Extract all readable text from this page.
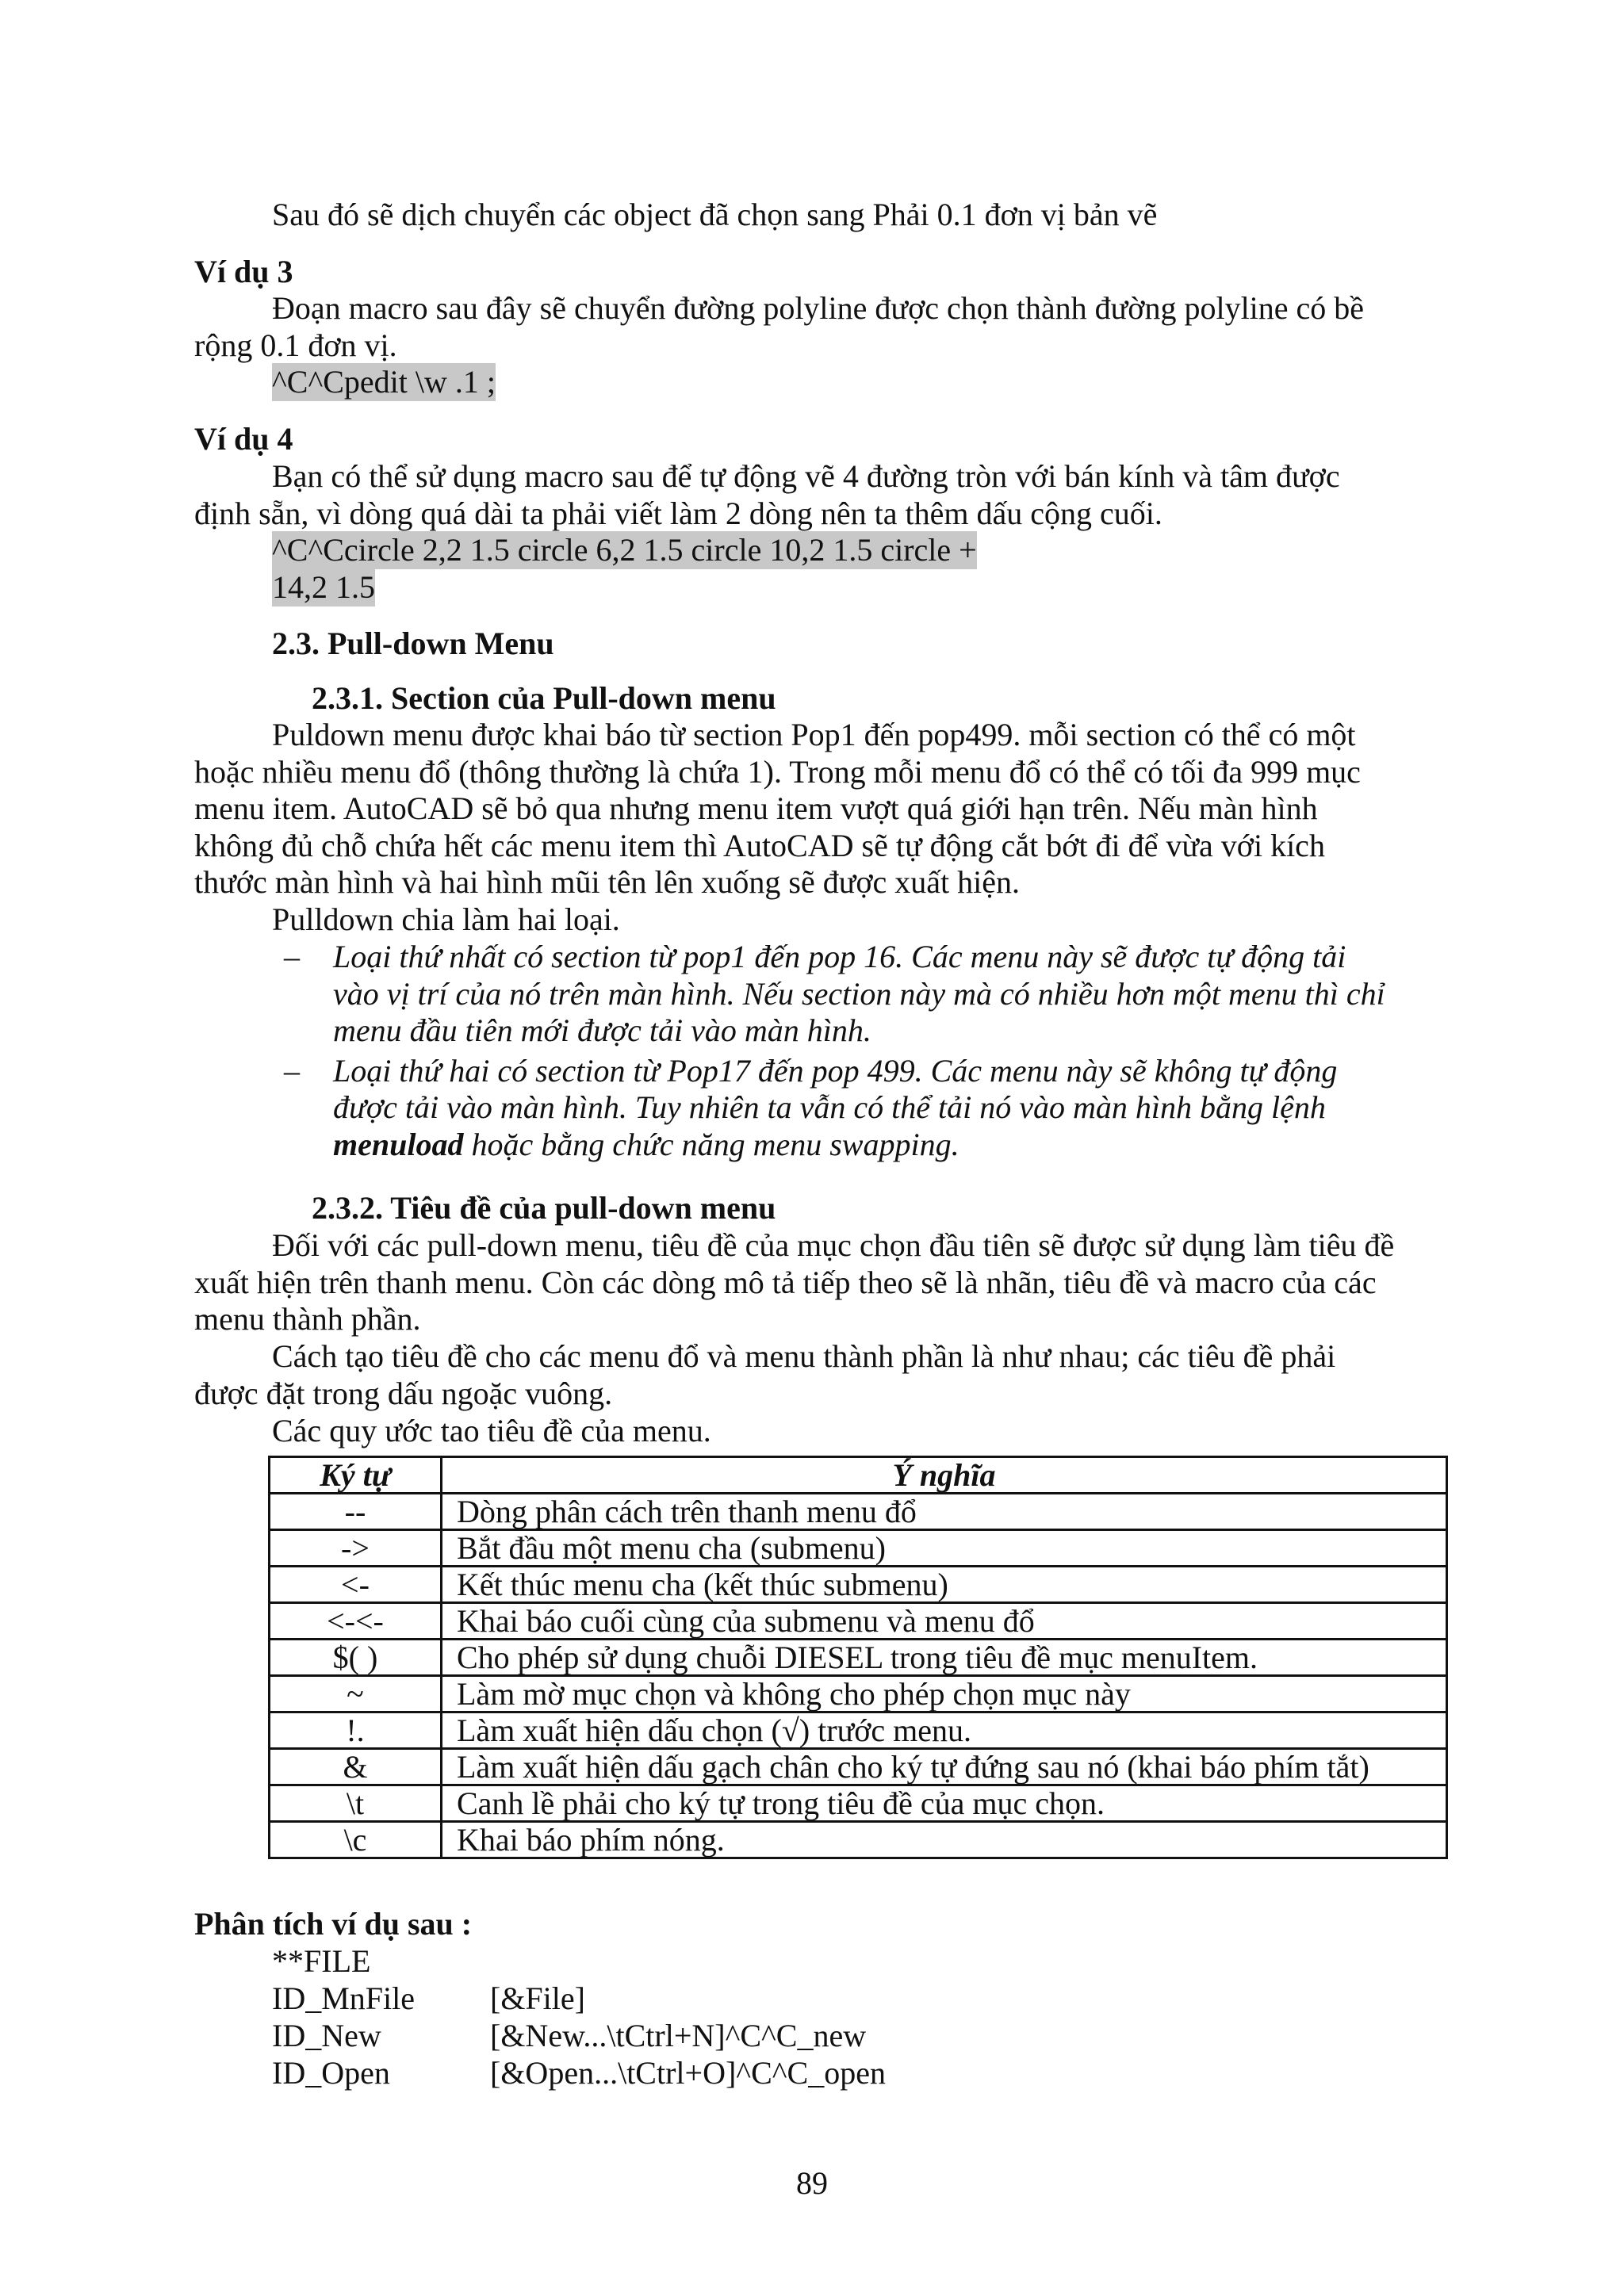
Sau đó sẽ dịch chuyển các object đã chọn sang Phải 0.1 đơn vị bản vẽ
Ví dụ 3
Đoạn macro sau đây sẽ chuyển đường polyline được chọn thành đường polyline có bề
rộng 0.1 đơn vị.
^C^Cpedit \w .1 ;
Ví dụ 4
Bạn có thể sử dụng macro sau để tự động vẽ 4 đường tròn với bán kính và tâm được
định sẵn, vì dòng quá dài ta phải viết làm 2 dòng nên ta thêm dấu cộng cuối.
^C^Ccircle 2,2 1.5 circle 6,2 1.5 circle 10,2 1.5 circle +
14,2 1.5
2.3. Pull-down Menu
2.3.1. Section của Pull-down menu
Puldown menu được khai báo từ section Pop1 đến pop499. mỗi section có thể có một
hoặc nhiều menu đổ (thông thường là chứa 1). Trong mỗi menu đổ có thể có tối đa 999 mục
menu item. AutoCAD sẽ bỏ qua nhưng menu item vượt quá giới hạn trên. Nếu màn hình
không đủ chỗ chứa hết các menu item thì AutoCAD sẽ tự động cắt bớt đi để vừa với kích
thước màn hình và hai hình mũi tên lên xuống sẽ được xuất hiện.
Pulldown chia làm hai loại.
– Loại thứ nhất có section từ pop1 đến pop 16. Các menu này sẽ được tự động tải
vào vị trí của nó trên màn hình. Nếu section này mà có nhiều hơn một menu thì chỉ
menu đầu tiên mới được tải vào màn hình.
– Loại thứ hai có section từ Pop17 đến pop 499. Các menu này sẽ không tự động
được tải vào màn hình. Tuy nhiên ta vẫn có thể tải nó vào màn hình bằng lệnh
menuload hoặc bằng chức năng menu swapping.
2.3.2. Tiêu đề của pull-down menu
Đối với các pull-down menu, tiêu đề của mục chọn đầu tiên sẽ được sử dụng làm tiêu đề
xuất hiện trên thanh menu. Còn các dòng mô tả tiếp theo sẽ là nhãn, tiêu đề và macro của các
menu thành phần.
Cách tạo tiêu đề cho các menu đổ và menu thành phần là như nhau; các tiêu đề phải
được đặt trong dấu ngoặc vuông.
Các quy ước tao tiêu đề của menu.
Ký tự	Ý nghĩa
--	Dòng phân cách trên thanh menu đổ
->	Bắt đầu một menu cha (submenu)
<-	Kết thúc menu cha (kết thúc submenu)
<-<-	Khai báo cuối cùng của submenu và menu đổ
$( )	Cho phép sử dụng chuỗi DIESEL trong tiêu đề mục menuItem.
~	Làm mờ mục chọn và không cho phép chọn mục này
!.	Làm xuất hiện dấu chọn (√) trước menu.
&	Làm xuất hiện dấu gạch chân cho ký tự đứng sau nó (khai báo phím tắt)
\t	Canh lề phải cho ký tự trong tiêu đề của mục chọn.
\c	Khai báo phím nóng.
Phân tích ví dụ sau :
**FILE
ID_MnFile [&File]
ID_New	[&New...\tCtrl+N]^C^C_new
ID_Open	[&Open...\tCtrl+O]^C^C_open
89
